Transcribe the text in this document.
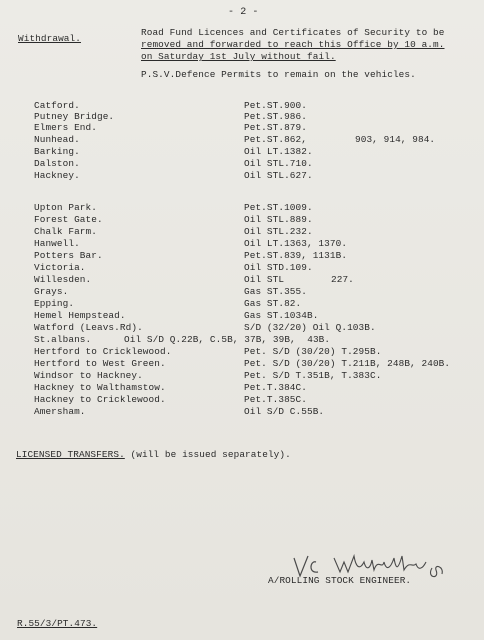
- 2 -
Withdrawal.
Road Fund Licences and Certificates of Security to be
removed and forwarded to reach this Office by 10 a.m.
on Saturday 1st July without fail.
P.S.V.Defence Permits to remain on the vehicles.
Catford.	Pet.ST.900.
Putney Bridge.	Pet.ST.986.
Elmers End.	Pet.ST.879.
Nunhead.	Pet.ST.862,	903, 914, 984.
Barking.	Oil LT.1382.
Dalston.	Oil STL.710.
Hackney.	Oil STL.627.
Upton Park.	Pet.ST.1009.
Forest Gate.	Oil STL.889.
Chalk Farm.	Oil STL.232.
Hanwell.	Oil LT.1363, 1370.
Potters Bar.	Pet.ST.839, 1131B.
Victoria.	Oil STD.109.
Willesden.	Oil STL	227.
Grays.	Gas ST.355.
Epping.	Gas ST.82.
Hemel Hempstead.	Gas ST.1034B.
Watford (Leavs.Rd).	S/D (32/20) Oil Q.103B.
St.albans.	Oil S/D Q.22B, C.5B, 37B, 39B,  43B.
Hertford to Cricklewood.	Pet. S/D (30/20) T.295B.
Hertford to West Green.	Pet. S/D (30/20) T.211B, 248B, 240B.
Windsor to Hackney.	Pet. S/D T.351B, T.383C.
Hackney to Walthamstow.	Pet.T.384C.
Hackney to Cricklewood.	Pet.T.385C.
Amersham.	Oil S/D C.55B.
LICENSED TRANSFERS. (will be issued separately).
A/ROLLING STOCK ENGINEER.
R.55/3/PT.473.
